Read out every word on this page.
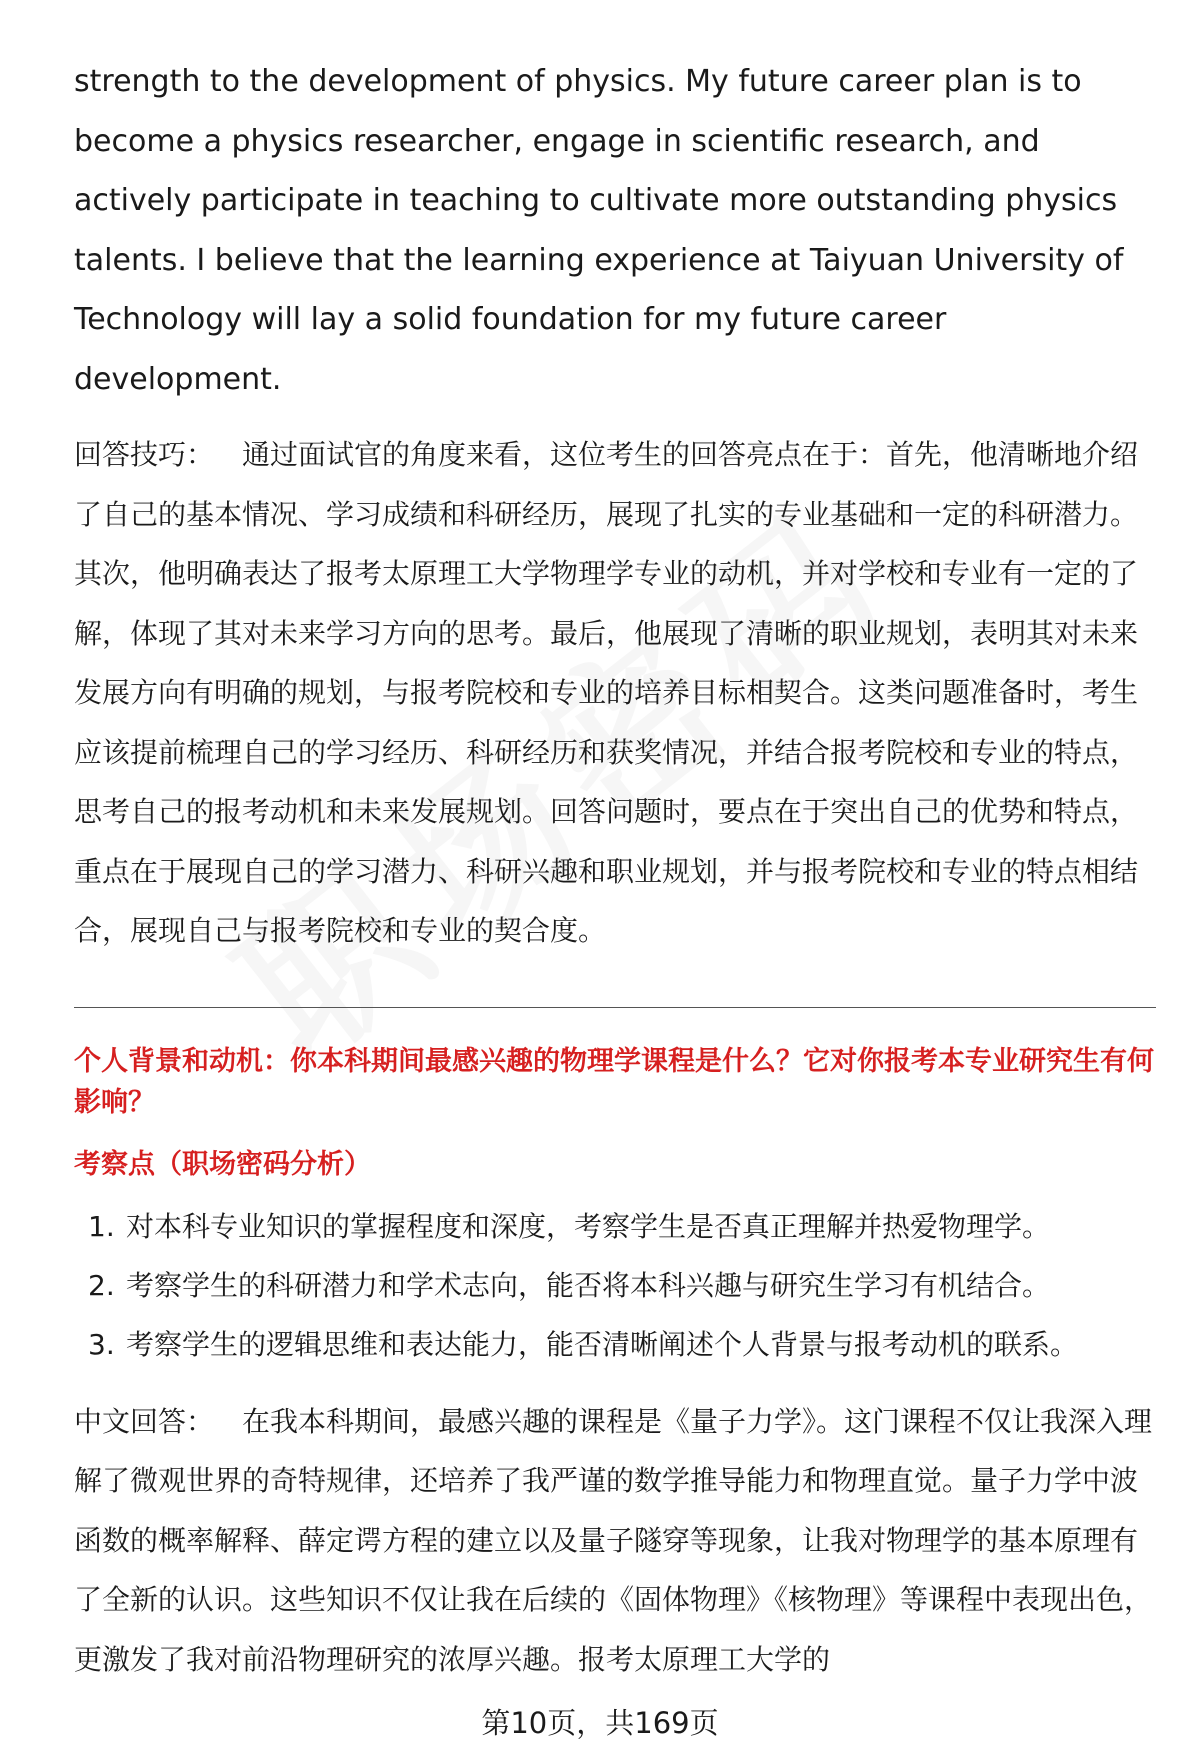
strength to the development of physics. My future career plan is to become a physics researcher, engage in scientific research, and actively participate in teaching to cultivate more outstanding physics talents. I believe that the learning experience at Taiyuan University of Technology will lay a solid foundation for my future career development.

回答技巧： 通过面试官的角度来看，这位考生的回答亮点在于：首先，他清晰地介绍了自己的基本情况、学习成绩和科研经历，展现了扎实的专业基础和一定的科研潜力。其次，他明确表达了报考太原理工大学物理学专业的动机，并对学校和专业有一定的了解，体现了其对未来学习方向的思考。最后，他展现了清晰的职业规划，表明其对未来发展方向有明确的规划，与报考院校和专业的培养目标相契合。这类问题准备时，考生应该提前梳理自己的学习经历、科研经历和获奖情况，并结合报考院校和专业的特点，思考自己的报考动机和未来发展规划。回答问题时，要点在于突出自己的优势和特点，重点在于展现自己的学习潜力、科研兴趣和职业规划，并与报考院校和专业的特点相结合，展现自己与报考院校和专业的契合度。

个人背景和动机：你本科期间最感兴趣的物理学课程是什么？它对你报考本专业研究生有何影响？

考察点（职场密码分析）

1. 对本科专业知识的掌握程度和深度，考察学生是否真正理解并热爱物理学。
2. 考察学生的科研潜力和学术志向，能否将本科兴趣与研究生学习有机结合。
3. 考察学生的逻辑思维和表达能力，能否清晰阐述个人背景与报考动机的联系。

中文回答： 在我本科期间，最感兴趣的课程是《量子力学》。这门课程不仅让我深入理解了微观世界的奇特规律，还培养了我严谨的数学推导能力和物理直觉。量子力学中波函数的概率解释、薛定谔方程的建立以及量子隧穿等现象，让我对物理学的基本原理有了全新的认识。这些知识不仅让我在后续的《固体物理》《核物理》等课程中表现出色，更激发了我对前沿物理研究的浓厚兴趣。报考太原理工大学的

第10页，共169页
